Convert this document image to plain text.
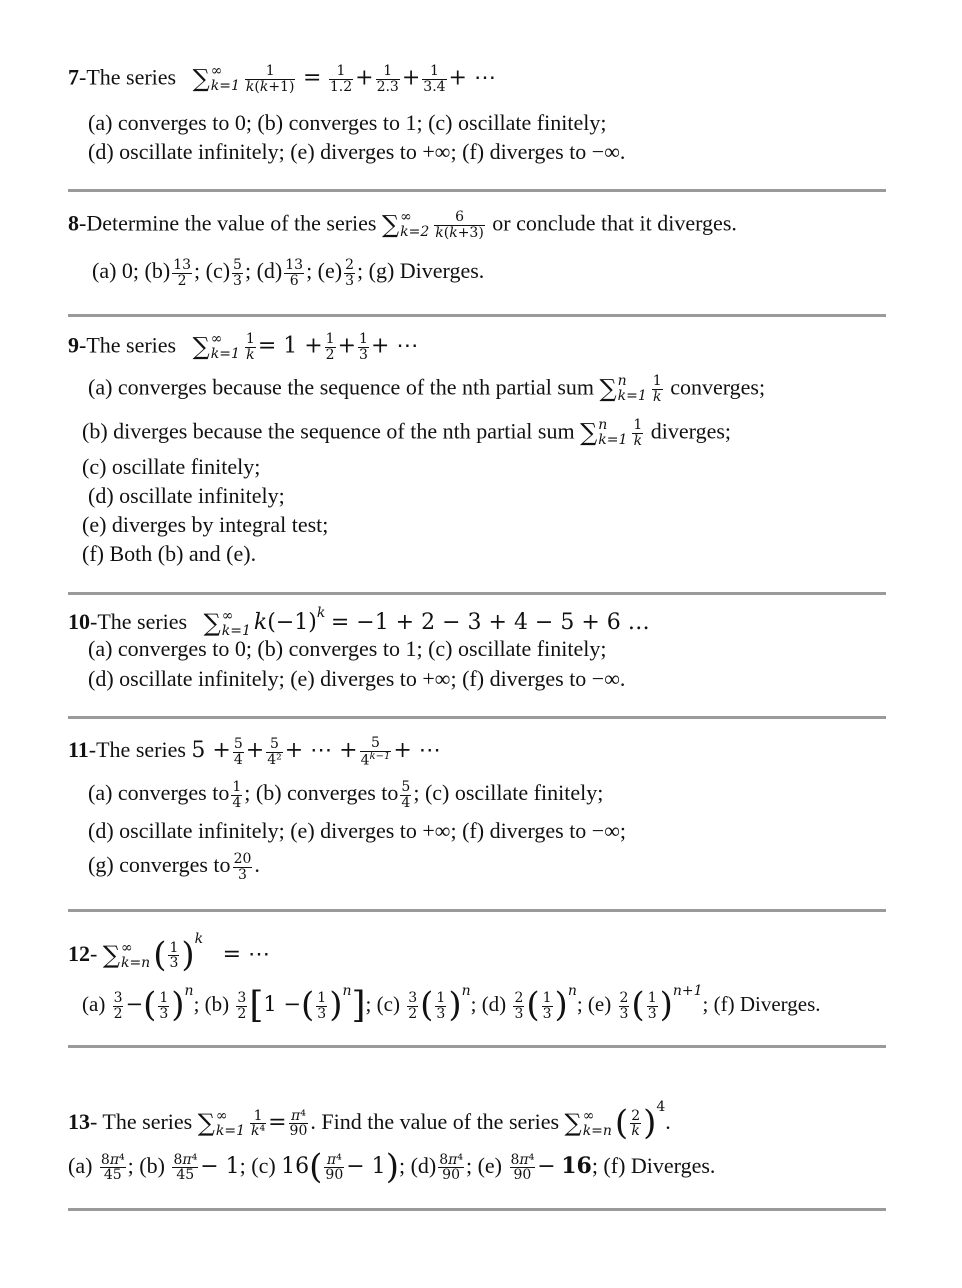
7-The series ∑ ∞
$k=1 \frac{1}{k(k+1)} = \frac{1}{1.2} + \frac{1}{2.3} + \frac{1}{3.4}$ + ⋯
(a) converges to 0; (b) converges to 1; (c) oscillate finitely;
(d) oscillate infinitely; (e) diverges to +∞; (f) diverges to −∞.
8-Determine the value of the series ∑ ∞
$k=2 \frac{6}{k(k+3)}$ or conclude that it diverges.
(a) 0; $(b) \frac{13}{2}$ ; $(c) \frac{5}{3}$ ; $(d) \frac{13}{6}$ ; $(e) \frac{2}{3}$ ; (g) Diverges.
9-The series ∑ ∞
$k=1 \frac{1}{k} = 1 + \frac{1}{2} + \frac{1}{3}$ + ⋯
(a) converges because the sequence of the nth partial sum ∑ n
$k=1 \frac{1}{k}$ converges;
(b) diverges because the sequence of the nth partial sum ∑ n
$k=1 \frac{1}{k}$ diverges;
(c) oscillate finitely;
(d) oscillate infinitely;
(e) diverges by integral test;
(f) Both (b) and (e).
10-The series ∑ ∞
k=1 $k(-1)^k = -1 + 2 - 3 + 4 - 5 + 6$ …
(a) converges to 0; (b) converges to 1; (c) oscillate finitely;
(d) oscillate infinitely; (e) diverges to +∞; (f) diverges to −∞.
11-The series $5 + \frac{5}{4} + \frac{5}{\text{4²}}$ + ⋯ + $\frac{5}{4^{k-1}}$ + ⋯
(a) converges to $\frac{1}{4}$ ; (b) converges to $\frac{5}{4}$ ; (c) oscillate finitely;
(d) oscillate infinitely; (e) diverges to +∞; (f) diverges to −∞;
(g) converges to $\frac{20}{3}$ .
12- ∑ ∞
k=n ( $\frac{1}{3} )^k$   = ⋯
$(a) \frac{3}{2}$ −( $\frac{1}{3} )^n$; $(b) \frac{3}{2} [1$ −( $\frac{1}{3} )^n$]; $(c) \frac{3}{2}$ ( $\frac{1}{3} )^n$; $(d) \frac{2}{3}$ ( $\frac{1}{3} )^n$; $(e) \frac{2}{3}$ ( $\frac{1}{3} )^{n+1}$; (f) Diverges.
13- The series ∑ ∞
$k=1 \frac{1}{\text{k⁴}} = \frac{\text{π⁴}}{90}$ . Find the value of the series ∑ ∞
k=n ( $\frac{2}{k} )^4$.
$(a) \frac{\text{8π⁴}}{45}$ ; $(b) \frac{\text{8π⁴}}{45} - 1$; (c) $16( \frac{\text{π⁴}}{90} - 1)$; $(d) \frac{\text{8π⁴}}{90}$ ; $(e) \frac{\text{8π⁴}}{90} - 16$; (f) Diverges.
